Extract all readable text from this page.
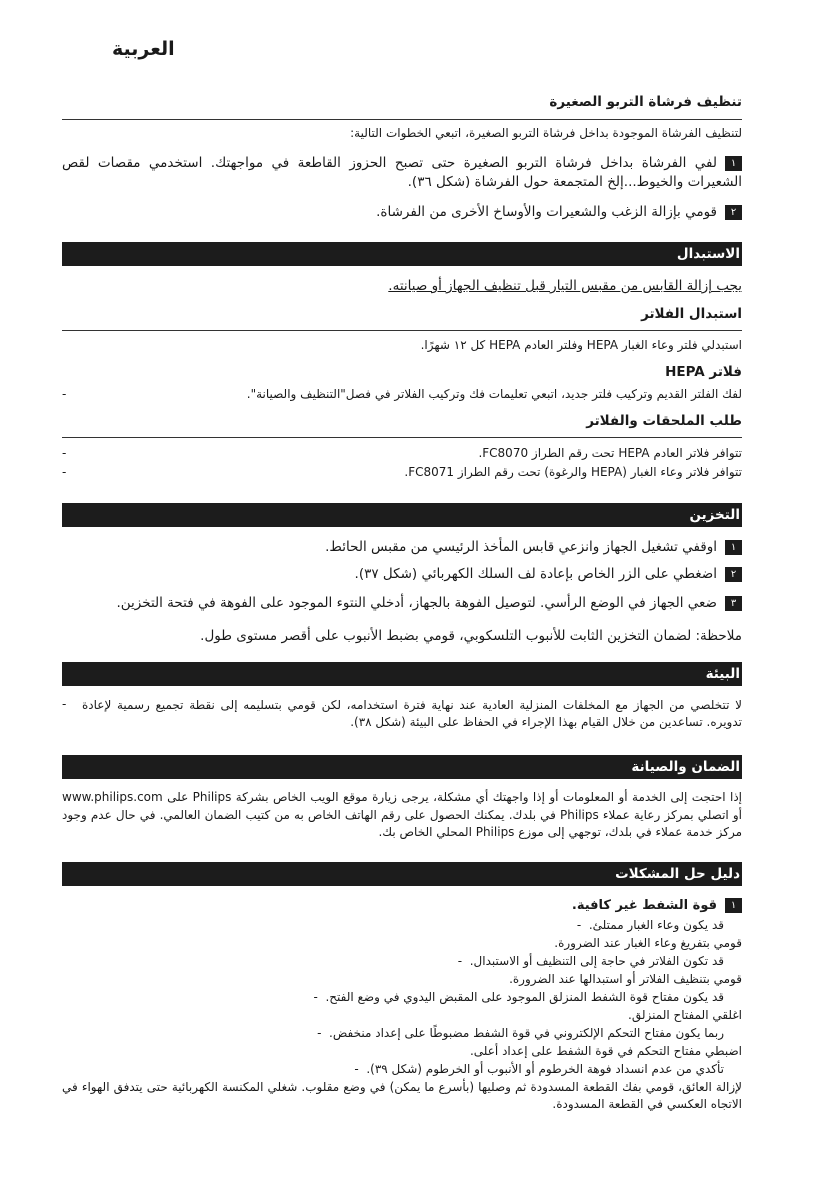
العربية
تنظيف فرشاة التربو الصغيرة
لتنظيف الفرشاة الموجودة بداخل فرشاة التربو الصغيرة، اتبعي الخطوات التالية:
١لفي الفرشاة بداخل فرشاة التربو الصغيرة حتى تصبح الحزوز القاطعة في مواجهتك. استخدمي مقصات لقص الشعيرات والخيوط...إلخ المتجمعة حول الفرشاة (شكل ٣٦).
٢قومي بإزالة الزغب والشعيرات والأوساخ الأخرى من الفرشاة.
الاستبدال
يجب إزالة القابس من مقبس التيار قبل تنظيف الجهاز أو صيانته.
استبدال الفلاتر
استبدلي فلتر وعاء الغبار HEPA وفلتر العادم HEPA كل ١٢ شهرًا.
فلاتر HEPA
لفك الفلتر القديم وتركيب فلتر جديد، اتبعي تعليمات فك وتركيب الفلاتر في فصل"التنظيف والصيانة".
-
طلب الملحقات والفلاتر
تتوافر فلاتر العادم HEPA تحت رقم الطراز FC8070.
-
تتوافر فلاتر وعاء الغبار (HEPA والرغوة) تحت رقم الطراز FC8071.
-
التخزين
١اوقفي تشغيل الجهاز وانزعي قابس المأخذ الرئيسي من مقبس الحائط.
٢اضغطي على الزر الخاص بإعادة لف السلك الكهربائي (شكل ٣٧).
٣ضعي الجهاز في الوضع الرأسي. لتوصيل الفوهة بالجهاز، أدخلي النتوء الموجود على الفوهة في فتحة التخزين.
ملاحظة: لضمان التخزين الثابت للأنبوب التلسكوبي، قومي بضبط الأنبوب على أقصر مستوى طول.
البيئة
لا تتخلصي من الجهاز مع المخلفات المنزلية العادية عند نهاية فترة استخدامه، لكن قومي بتسليمه إلى نقطة تجميع رسمية لإعادة تدويره. تساعدين من خلال القيام بهذا الإجراء في الحفاظ على البيئة (شكل ٣٨).
-
الضمان والصيانة
إذا احتجت إلى الخدمة أو المعلومات أو إذا واجهتك أي مشكلة، يرجى زيارة موقع الويب الخاص بشركة Philips على www.philips.com أو اتصلي بمركز رعاية عملاء Philips في بلدك. يمكنك الحصول على رقم الهاتف الخاص به من كتيب الضمان العالمي. في حال عدم وجود مركز خدمة عملاء في بلدك، توجهي إلى موزع Philips المحلي الخاص بك.
دليل حل المشكلات
١قوة الشفط غير كافية.
قد يكون وعاء الغبار ممتلئ.  -
قومي بتفريغ وعاء الغبار عند الضرورة.
قد تكون الفلاتر في حاجة إلى التنظيف أو الاستبدال.  -
قومي بتنظيف الفلاتر أو استبدالها عند الضرورة.
قد يكون مفتاح قوة الشفط المنزلق الموجود على المقبض اليدوي في وضع الفتح.  -
اغلقي المفتاح المنزلق.
ربما يكون مفتاح التحكم الإلكتروني في قوة الشفط مضبوطًا على إعداد منخفض.  -
اضبطي مفتاح التحكم في قوة الشفط على إعداد أعلى.
تأكدي من عدم انسداد فوهة الخرطوم أو الأنبوب أو الخرطوم (شكل ٣٩).  -
لإزالة العائق، قومي بفك القطعة المسدودة ثم وصليها (بأسرع ما يمكن) في وضع مقلوب. شغلي المكنسة الكهربائية حتى يتدفق الهواء في الاتجاه العكسي في القطعة المسدودة.
